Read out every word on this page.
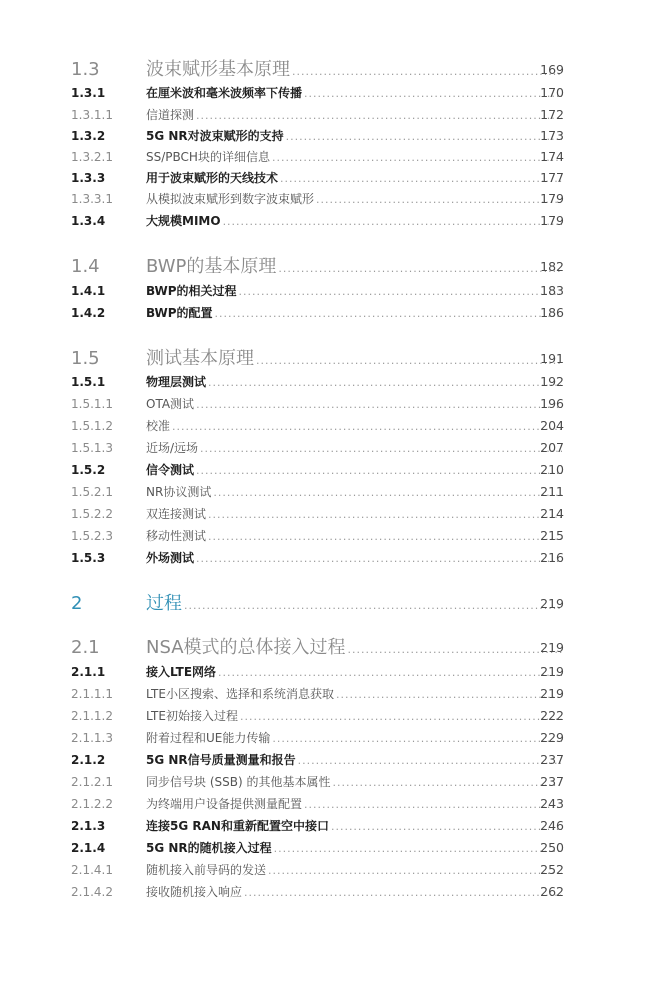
1.3	波束赋形基本原理 .....	169
1.3.1	在厘米波和毫米波频率下传播 .....	170
1.3.1.1	信道探测 .....	172
1.3.2	5G NR对波束赋形的支持 .....	173
1.3.2.1	SS/PBCH块的详细信息 .....	174
1.3.3	用于波束赋形的天线技术 .....	177
1.3.3.1	从模拟波束赋形到数字波束赋形 .....	179
1.3.4	大规模MIMO .....	179
1.4	BWP的基本原理 .....	182
1.4.1	BWP的相关过程 .....	183
1.4.2	BWP的配置 .....	186
1.5	测试基本原理 .....	191
1.5.1	物理层测试 .....	192
1.5.1.1	OTA测试 .....	196
1.5.1.2	校准 .....	204
1.5.1.3	近场/远场 .....	207
1.5.2	信令测试 .....	210
1.5.2.1	NR协议测试 .....	211
1.5.2.2	双连接测试 .....	214
1.5.2.3	移动性测试 .....	215
1.5.3	外场测试 .....	216
2	过程 .....	219
2.1	NSA模式的总体接入过程 .....	219
2.1.1	接入LTE网络 .....	219
2.1.1.1	LTE小区搜索、选择和系统消息获取 .....	219
2.1.1.2	LTE初始接入过程 .....	222
2.1.1.3	附着过程和UE能力传输 .....	229
2.1.2	5G NR信号质量测量和报告 .....	237
2.1.2.1	同步信号块 (SSB) 的其他基本属性 .....	237
2.1.2.2	为终端用户设备提供测量配置 .....	243
2.1.3	连接5G RAN和重新配置空中接口 .....	246
2.1.4	5G NR的随机接入过程 .....	250
2.1.4.1	随机接入前导码的发送 .....	252
2.1.4.2	接收随机接入响应 .....	262
